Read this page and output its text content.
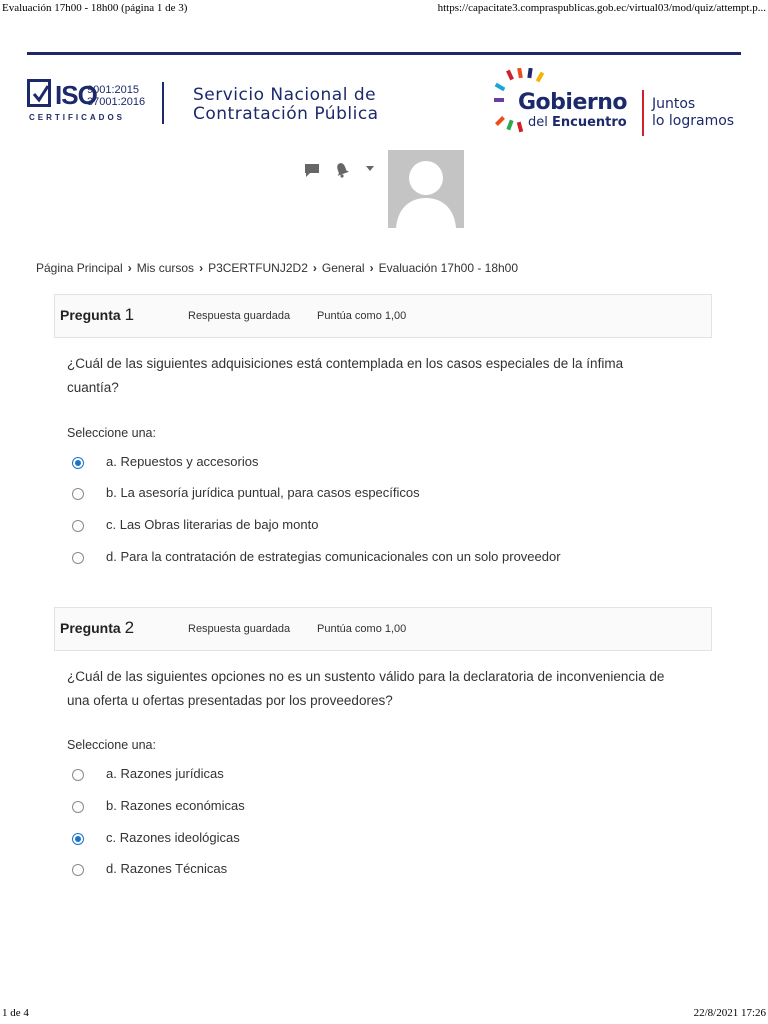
Evaluación 17h00 - 18h00 (página 1 de 3)	https://capacitate3.compraspublicas.gob.ec/virtual03/mod/quiz/attempt.p...
ISO
9001:2015
37001:2016
CERTIFICADOS
Servicio Nacional de
Contratación Pública	Gobierno
del Encuentro
Juntos
lo logramos
Página Principal › Mis cursos › P3CERTFUNJ2D2 › General › Evaluación 17h00 - 18h00
Pregunta 1	Respuesta guardada Puntúa como 1,00
¿Cuál de las siguientes adquisiciones está contemplada en los casos especiales de la ínfima cuantía?
Seleccione una:
a. Repuestos y accesorios
b. La asesoría jurídica puntual, para casos específicos
c. Las Obras literarias de bajo monto
d. Para la contratación de estrategias comunicacionales con un solo proveedor
Pregunta 2	Respuesta guardada Puntúa como 1,00
¿Cuál de las siguientes opciones no es un sustento válido para la declaratoria de inconveniencia de una oferta u ofertas presentadas por los proveedores?
Seleccione una:
a. Razones jurídicas
b. Razones económicas
c. Razones ideológicas
d. Razones Técnicas
1 de 4	22/8/2021 17:26
